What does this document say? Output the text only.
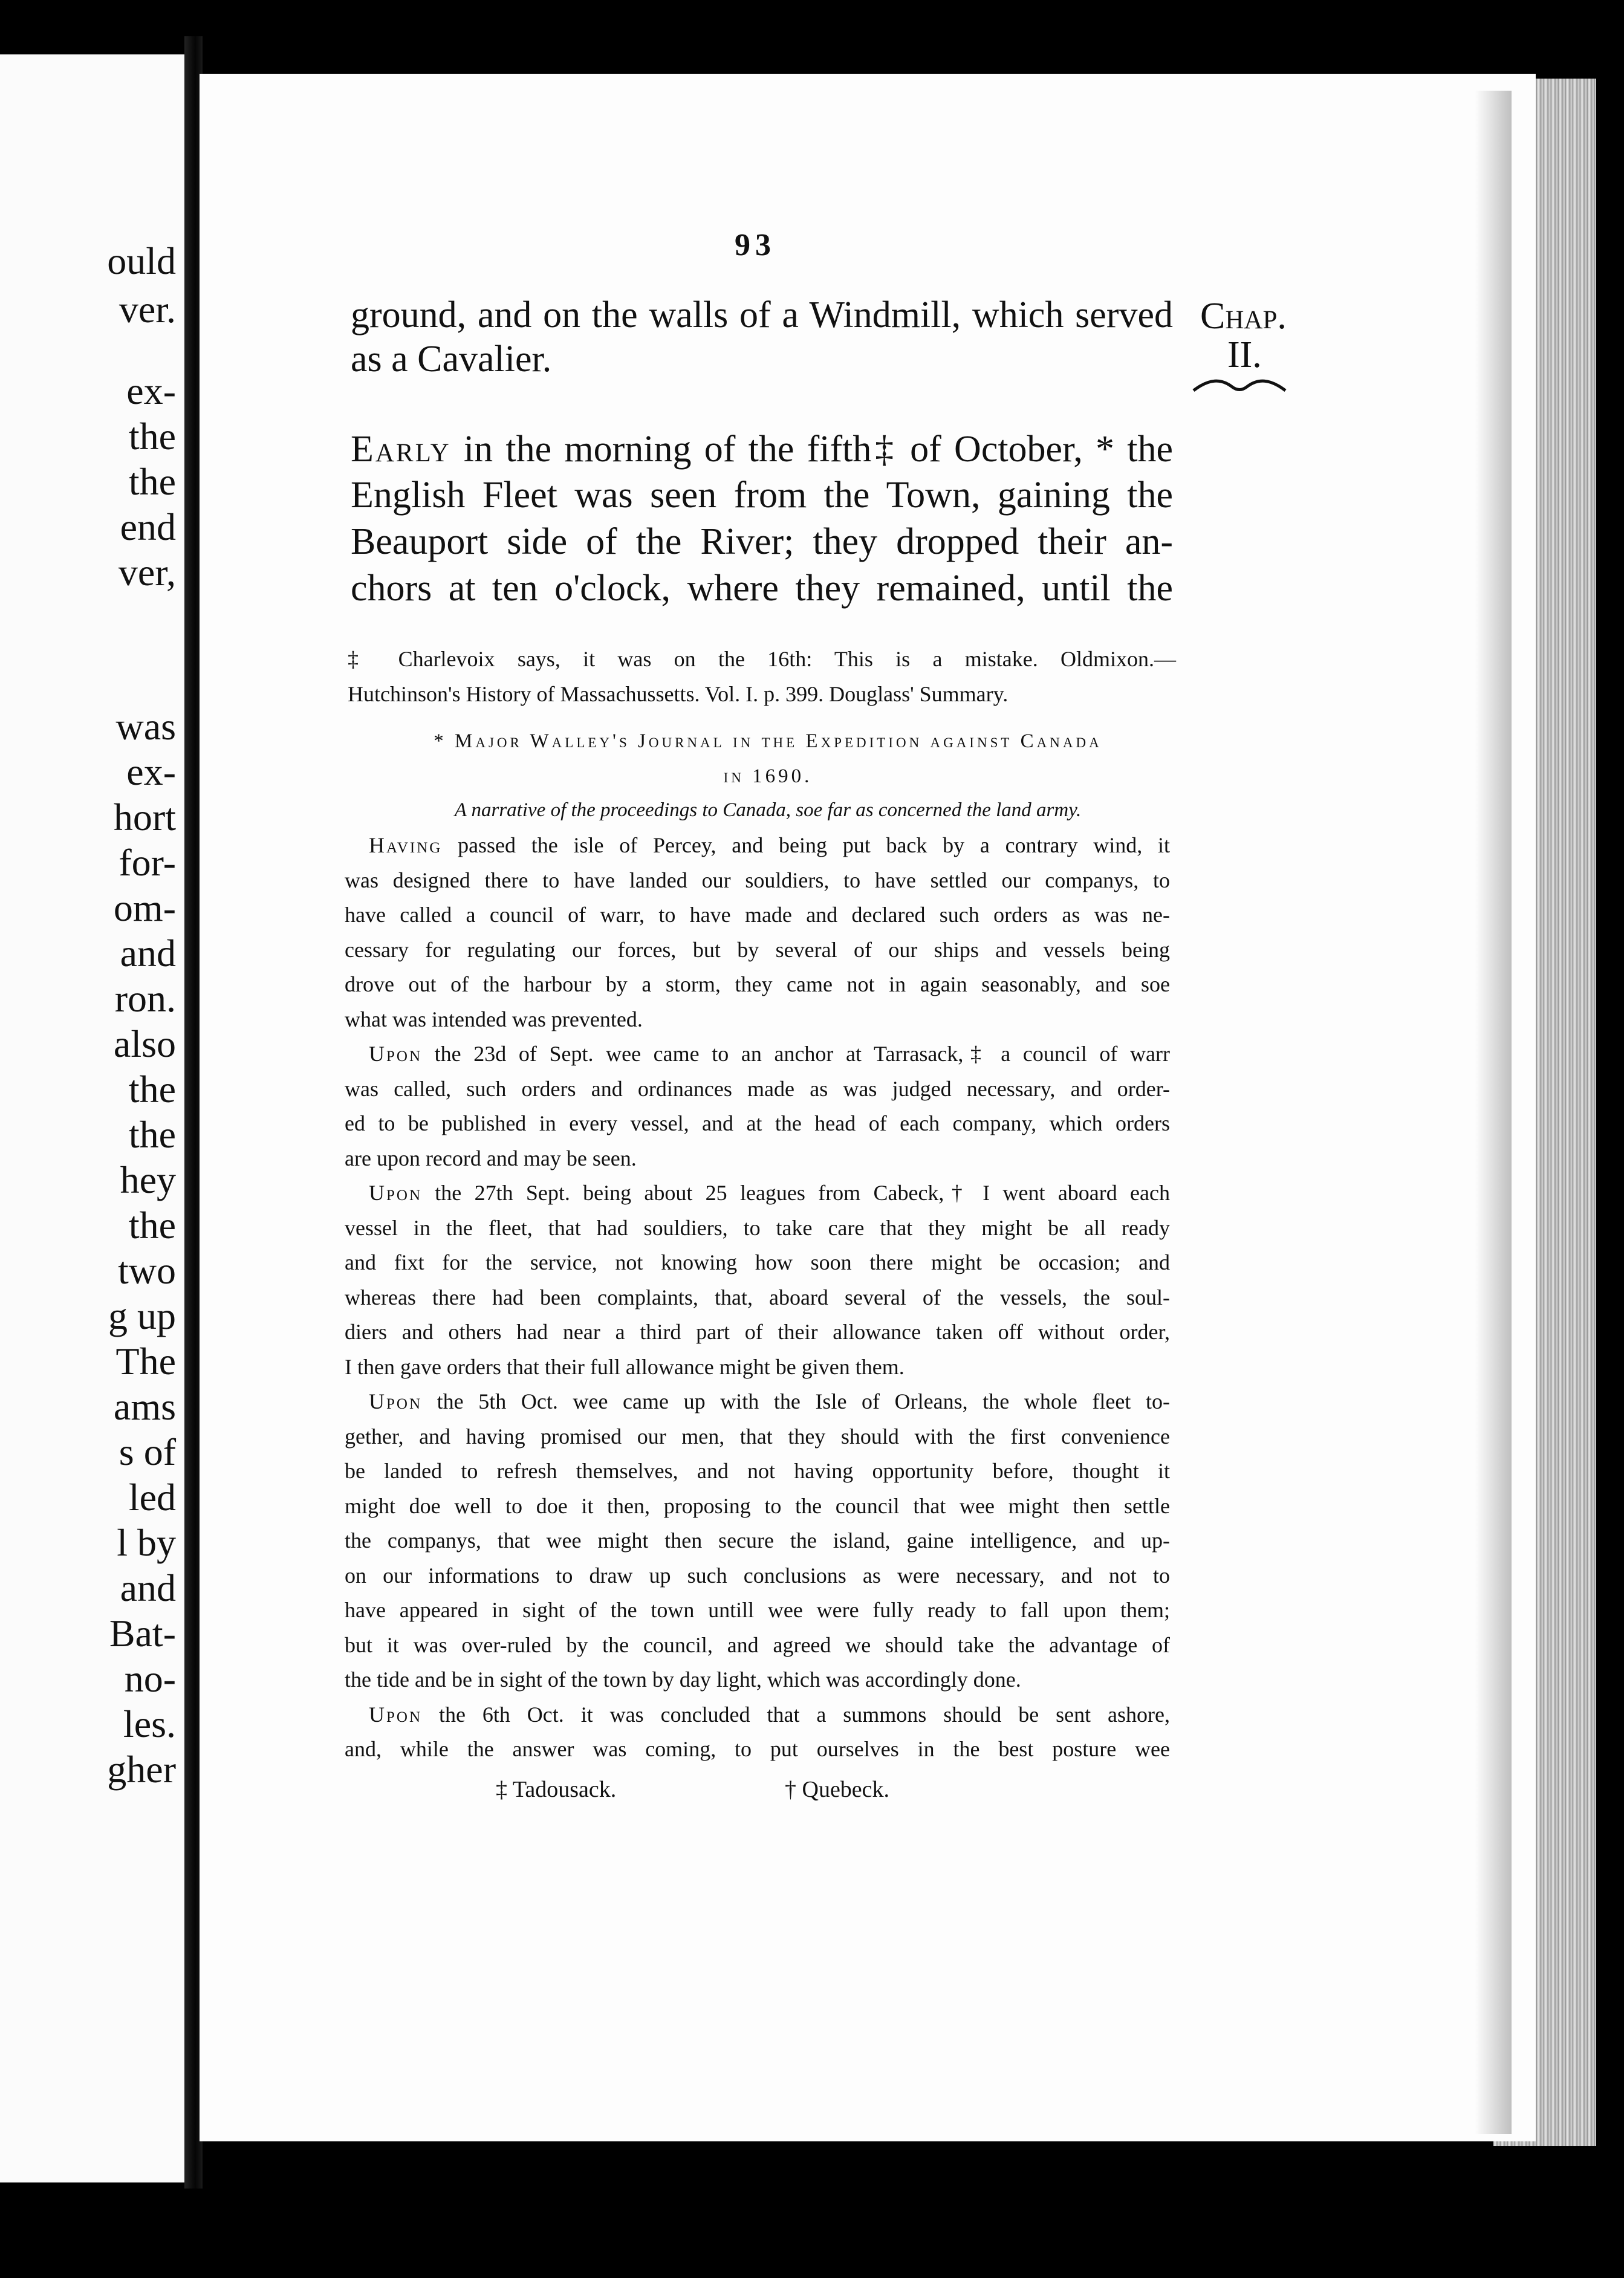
ould
ver.
ex-
the
the
end
ver,
was
ex-
hort
for-
om-
and
ron.
also
the
the
hey
the
two
g up
The
ams
s of
led
l by
and
Bat-
no-
les.
gher
93
Chap.
II.
ground, and on the walls of a Windmill, which served
as a Cavalier.
Early in the morning of the fifth‡ of October, * the
English Fleet was seen from the Town, gaining the
Beauport side of the River; they dropped their an-
chors at ten o'clock, where they remained, until the
‡ Charlevoix says, it was on the 16th: This is a mistake. Oldmixon.—
Hutchinson's History of Massachussetts. Vol. I. p. 399. Douglass' Summary.
* Major Walley's Journal in the Expedition against Canada
in 1690.
A narrative of the proceedings to Canada, soe far as concerned the land army.
Having passed the isle of Percey, and being put back by a contrary wind, it
was designed there to have landed our souldiers, to have settled our companys, to
have called a council of warr, to have made and declared such orders as was ne-
cessary for regulating our forces, but by several of our ships and vessels being
drove out of the harbour by a storm, they came not in again seasonably, and soe
what was intended was prevented.
Upon the 23d of Sept. wee came to an anchor at Tarrasack,‡ a council of warr
was called, such orders and ordinances made as was judged necessary, and order-
ed to be published in every vessel, and at the head of each company, which orders
are upon record and may be seen.
Upon the 27th Sept. being about 25 leagues from Cabeck,† I went aboard each
vessel in the fleet, that had souldiers, to take care that they might be all ready
and fixt for the service, not knowing how soon there might be occasion; and
whereas there had been complaints, that, aboard several of the vessels, the soul-
diers and others had near a third part of their allowance taken off without order,
I then gave orders that their full allowance might be given them.
Upon the 5th Oct. wee came up with the Isle of Orleans, the whole fleet to-
gether, and having promised our men, that they should with the first convenience
be landed to refresh themselves, and not having opportunity before, thought it
might doe well to doe it then, proposing to the council that wee might then settle
the companys, that wee might then secure the island, gaine intelligence, and up-
on our informations to draw up such conclusions as were necessary, and not to
have appeared in sight of the town untill wee were fully ready to fall upon them;
but it was over-ruled by the council, and agreed we should take the advantage of
the tide and be in sight of the town by day light, which was accordingly done.
Upon the 6th Oct. it was concluded that a summons should be sent ashore,
and, while the answer was coming, to put ourselves in the best posture wee
‡ Tadousack.	† Quebeck.
